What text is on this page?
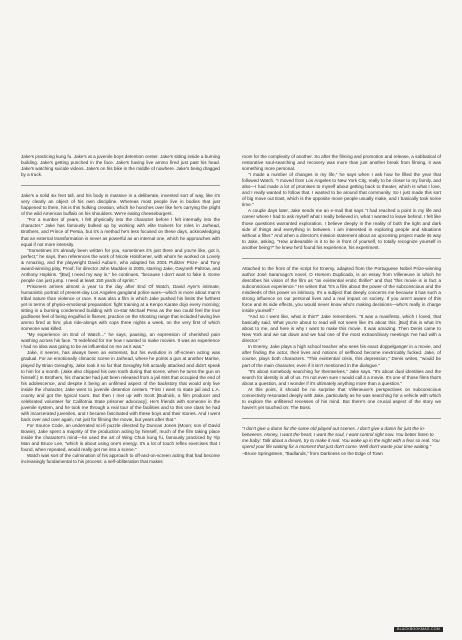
Jake's practicing kung fu. Jake's at a juvenile boys detention center. Jake's sitting inside a burning building. Jake's getting punched in the face. Jake's having live ammo fired just past his head. Jake's watching suicide videos. Jake's on his bike in the middle of nowhere. Jake's being dragged by a truck.

Jake's a solid six feet tall, and his body is massive in a deliberate, invented sort of way, like it's very clearly an object of his own discipline. Whereas most people live in bodies that just happened to them, his is this hulking creation, which he hunches over like he's carrying the plight of the wild American buffalo on his shoulders. We're eating cheeseburgers.

"For a number of years, I felt physically into the character before I felt internally into the character." Jake has famously bulked up by working with elite trainers for roles in Jarhead, Brothers, and Prince of Persia, but it's a method he's less focused on these days, acknowledging that an external transformation is never as powerful as an internal one, which he approaches with equal if not more intensity.

"Sometimes it's already been written for you, sometimes it's just there and you're like, got it, perfect," he says, then references the work of Nicole Holofcener, with whom he worked on Lovely & Amazing, and the playwright David Auburn, who adapted his 2001 Pulitzer Prize- and Tony award-winning play, Proof, for director John Madden in 2005, starring Jake, Gwyneth Paltrow, and Anthony Hopkins. "[But] I need my way in," he continues, "because I don't want to fake it. Some people can just jump. I need at least 150 yards of sprint."

Prisoners arrives almost a year to the day after End Of Watch, David Ayer's intimate, humanistic portrait of present-day Los Angeles gangland police wars—which is more about man's tribal nature than violence or race. It was also a film in which Jake pushed his limits the furthest yet in terms of physio-emotional preparation: fight training at a Kenpo Karate dojo every morning; sitting in a burning condemned building with co-star Michael Pena as the two could feel the true godliness feel of being engulfed in flames; practice on the shooting range that included having live ammo fired at him; plus ride-alongs with cops three nights a week, on the very first of which someone was killed.

"My experience on End of Watch..." he says, pausing, an expression of cherished pain washing across his face. "It redefined for me how I wanted to make movies. It was an experience I had no idea was going to be as influential on me as it was."

Jake, it seems, has always been an extremist, but his evolution in off-screen acting was gradual. For an emotionally climactic scene in Jarhead, where he points a gun at another Marine, played by Brian Geraghty, Jake took it so far that Geraghty felt actually attacked and didn't speak to him for a month. (Jake also chipped his own tooth during that scene, when he turns the gun on himself.) In Brothers, his character had just been released from a jail stint that occupied the end of his adolescence, and despite it being an unfilmed aspect of the backstory that would only live inside the character, Jake went to juvenile detention centers. "First I went to state jail and L.A. county and got the typical tours. But then I met up with Scott [Budnick, a film producer and celebrated volunteer for California State prisoner advocacy]. He's friends with someone in the juvenile system, and he took me through a real tour of the facilities and to this one class he had with incarcerated juveniles, and I became fascinated with these boys and their stories. And I went back over and over again, not just for filming the movie, but years after that."

For Source Code, an underrated sci-fi puzzle directed by Duncan Jones (Moon; son of David Bowie), Jake spent a majority of the production acting by himself, much of the film taking place inside the character's mind—he used the art of Wing Chun kung fu, famously practiced by Yip Man and Bruce Lee, "which is about using one's energy. It's a lot of touch reflex exercises that I found, when repeated, would really get me into a scene."

Watch was sort of the culmination of his approach to off-and-on-screen acting that had become increasingly fundamental to his process: a self-obliteration that makes

room for the complexity of another. So after the filming and promotion and release, a sabbatical of restorative soul-searching and recovery was more than just another break from filming, it was something more personal.

"I made a number of changes in my life," he says when I ask how he filled the year that followed Watch. "I moved from Los Angeles to New York City, really to be closer to my family, and also—I had made a lot of promises to myself about getting back to theater, which is what I love, and I really wanted to follow that. I wanted to be around that community. So I just made this sort of big move out East, which is the opposite move people usually make, and I basically took some time."

A couple days later, Jake sends me an e-mail that says "I had reached a point in my life and career where I had to ask myself what I really believed in, what I wanted to leave behind. I felt like those questions warranted exploration. I believe deeply in the reality of both the light and dark side of things and everything in between. I am interested in exploring people and situations without a filter." And when a director's mission statement about an upcoming project made its way to Jake, asking, "How unbearable is it to be in front of yourself, to totally recognize yourself in another being?" he knew he'd found his experience, his experiment.

Attached to the front of the script for Enemy, adapted from the Portuguese Nobel Prize-winning author José Saramago's novel, O Homem Duplicado, is an essay from Villeneuve in which he describes his vision of the film as "an existential erotic thriller" and that "this movie is in fact a subconscious experience." He writes that "it's a film about the power of the subconscious and the misdeeds of this power on intimacy. It's a subject that deeply concerns me because it has such a strong influence on our personal lives and a real impact on society. If you aren't aware of this force and its side effects, you would never know who's making decisions—who's really in charge inside yourself."

"And so I went like, what is this?" Jake remembers. "It was a manifesto, which I loved, that basically said, What you're about to read will not seem like it's about this. [But] this is what it's about to me, and here is why I want to make this movie. It was amazing. Then Denis came to New York and we sat down and we had one of the most extraordinary meetings I've had with a director."

In Enemy, Jake plays a high school teacher who sees his exact doppelganger in a movie, and after finding the actor, their lives and notions of selfhood become inextricably fucked. Jake, of course, plays both characters. "This existential crisis, this depression," Denis writes, "would be part of the main character, even if it isn't mentioned in the dialogue."

"It's about somebody searching for themselves," Jake says. "It's about dual identities and the search for identity in all of us. I'm not even sure I would call it a movie. It's one of those films that's about a question, and I wonder if it's ultimately anything more than a question."

At this point, it should be no surprise that Villeneuve's perspectives on subconscious connectivity resonated deeply with Jake, particularly as he was searching for a vehicle with which to explore the unfiltered recesses of his mind. But there's one crucial aspect of the story we haven't yet touched on: The Boss.

"I don't give a damn for the same old played out scenes. I don't give a damn for just the in-betweens. Honey, I want the heart, I want the soul, I want control right now. You better listen to me baby: Talk about a dream, try to make it real. You wake up in the night with a fear so real. You spend your life waiting for a moment that just don't come. Well don't waste your time waiting."
–Bruce Springsteen, "Badlands," from Darkness on the Edge of Town
BLACKBOOKMAG.COM
